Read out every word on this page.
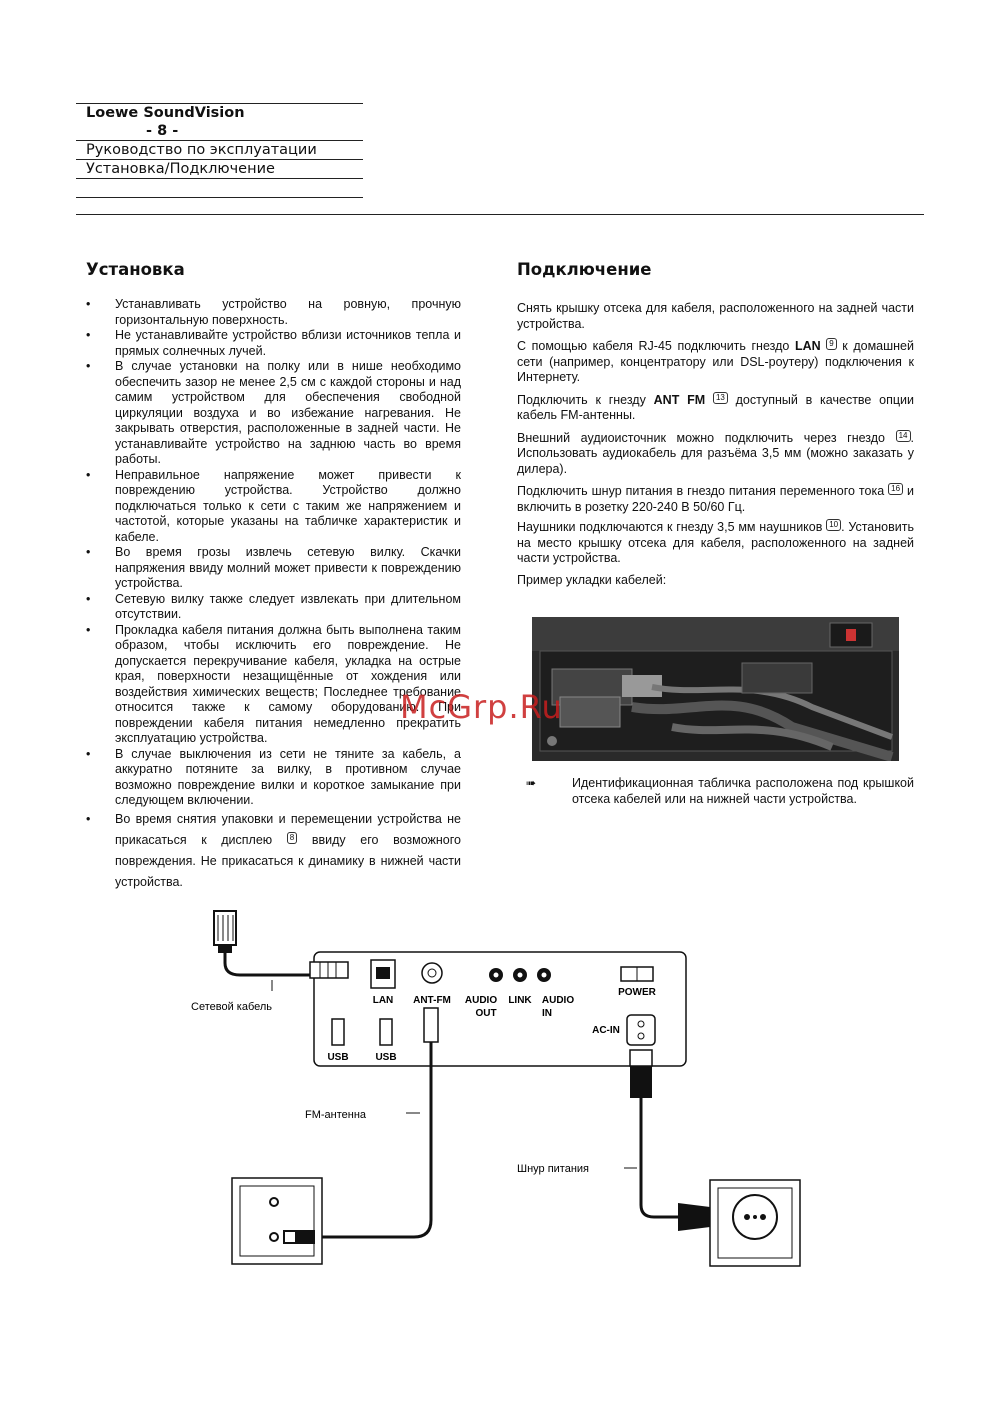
Loewe SoundVision
- 8 -
Руководство по эксплуатации
Установка/Подключение
Установка
• Устанавливать устройство на ровную, прочную горизонтальную поверхность.
• Не устанавливайте устройство вблизи источников тепла и прямых солнечных лучей.
• В случае установки на полку или в нише необходимо обеспечить зазор не менее 2,5 см с каждой стороны и над самим устройством для обеспечения свободной циркуляции воздуха и во избежание нагревания. Не закрывать отверстия, расположенные в задней части. Не устанавливайте устройство на заднюю часть во время работы.
• Неправильное напряжение может привести к повреждению устройства. Устройство должно подключаться только к сети с таким же напряжением и частотой, которые указаны на табличке характеристик и кабеле.
• Во время грозы извлечь сетевую вилку. Скачки напряжения ввиду молний может привести к повреждению устройства.
• Сетевую вилку также следует извлекать при длительном отсутствии.
• Прокладка кабеля питания должна быть выполнена таким образом, чтобы исключить его повреждение. Не допускается перекручивание кабеля, укладка на острые края, поверхности незащищённые от хождения или воздействия химических веществ; Последнее требование относится также к самому оборудованию. При повреждении кабеля питания немедленно прекратить эксплуатацию устройства.
• В случае выключения из сети не тяните за кабель, а аккуратно потяните за вилку, в противном случае возможно повреждение вилки и короткое замыкание при следующем включении.
• Во время снятия упаковки и перемещении устройства не прикасаться к дисплею 8 ввиду его возможного повреждения. Не прикасаться к динамику в нижней части устройства.
Подключение

Снять крышку отсека для кабеля, расположенного на задней части устройства.

С помощью кабеля RJ-45 подключить гнездо LAN 9 к домашней сети (например, концентратору или DSL-роутеру) подключения к Интернету.

Подключить к гнезду ANT FM 13 доступный в качестве опции кабель FM-антенны.

Внешний аудиоисточник можно подключить через гнездо 14 . Использовать аудиокабель для разъёма 3,5 мм (можно заказать у дилера).

Подключить шнур питания в гнездо питания переменного тока 16 и включить в розетку 220-240 В 50/60 Гц.

Наушники подключаются к гнезду 3,5 мм наушников 10 . Установить на место крышку отсека для кабеля, расположенного на задней части устройства.

Пример укладки кабелей:
McGrp.Ru
➠	Идентификационная табличка расположена под крышкой отсека кабелей или на нижней части устройства.
Сетевой кабель
LAN ANT-FM AUDIO
OUT
LINK AUDIO
IN
POWER
AC-IN
USB	USB
FM-антенна
Шнур питания
